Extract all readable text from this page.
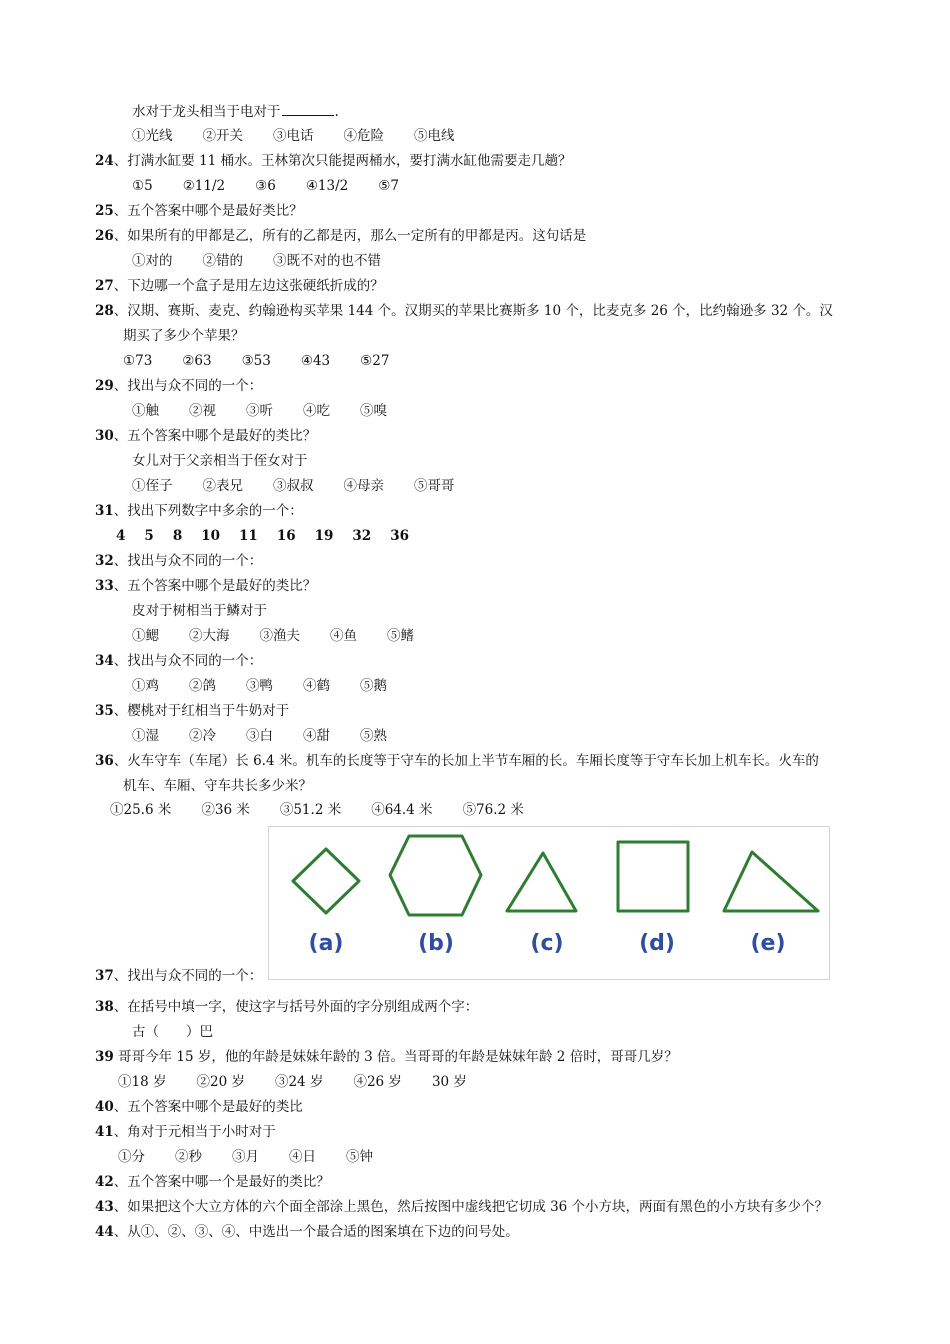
水对于龙头相当于电对于	.
①光线 ②开关 ③电话 ④危险 ⑤电线
24、打满水缸要 11 桶水。王林第次只能提两桶水，要打满水缸他需要走几趟？
①5 ②11/2 ③6 ④13/2 ⑤7
25、五个答案中哪个是最好类比？
26、如果所有的甲都是乙，所有的乙都是丙，那么一定所有的甲都是丙。这句话是
①对的 ②错的 ③既不对的也不错
27、下边哪一个盒子是用左边这张硬纸折成的？
28、汉期、赛斯、麦克、约翰逊构买苹果 144 个。汉期买的苹果比赛斯多 10 个，比麦克多 26 个，比约翰逊多 32 个。汉
期买了多少个苹果？
①73 ②63 ③53 ④43 ⑤27
29、找出与众不同的一个：
①触 ②视 ③听 ④吃 ⑤嗅
30、五个答案中哪个是最好的类比？
女儿对于父亲相当于侄女对于
①侄子 ②表兄 ③叔叔 ④母亲 ⑤哥哥
31、找出下列数字中多余的一个：
4 5 8 10 11 16 19 32 36
32、找出与众不同的一个：
33、五个答案中哪个是最好的类比？
皮对于树相当于鳞对于
①鳃 ②大海 ③渔夫 ④鱼 ⑤鳍
34、找出与众不同的一个：
①鸡 ②鸽 ③鸭 ④鹤 ⑤鹅
35、樱桃对于红相当于牛奶对于
①湿 ②冷 ③白 ④甜 ⑤熟
36、火车守车（车尾）长 6.4 米。机车的长度等于守车的长加上半节车厢的长。车厢长度等于守车长加上机车长。火车的
机车、车厢、守车共长多少米？
①25.6 米 ②36 米 ③51.2 米 ④64.4 米 ⑤76.2 米
(a)	(b)	(c)	(d)	(e)
37、找出与众不同的一个：
38、在括号中填一字，使这字与括号外面的字分别组成两个字：
古（　　）巴
39 哥哥今年 15 岁，他的年龄是妹妹年龄的 3 倍。当哥哥的年龄是妹妹年龄 2 倍时，哥哥几岁？
①18 岁 ②20 岁 ③24 岁 ④26 岁 30 岁
40、五个答案中哪个是最好的类比
41、角对于元相当于小时对于
①分 ②秒 ③月 ④日 ⑤钟
42、五个答案中哪一个是最好的类比？
43、如果把这个大立方体的六个面全部涂上黑色，然后按图中虚线把它切成 36 个小方块，两面有黑色的小方块有多少个？
44、从①、②、③、④、中选出一个最合适的图案填在下边的问号处。
